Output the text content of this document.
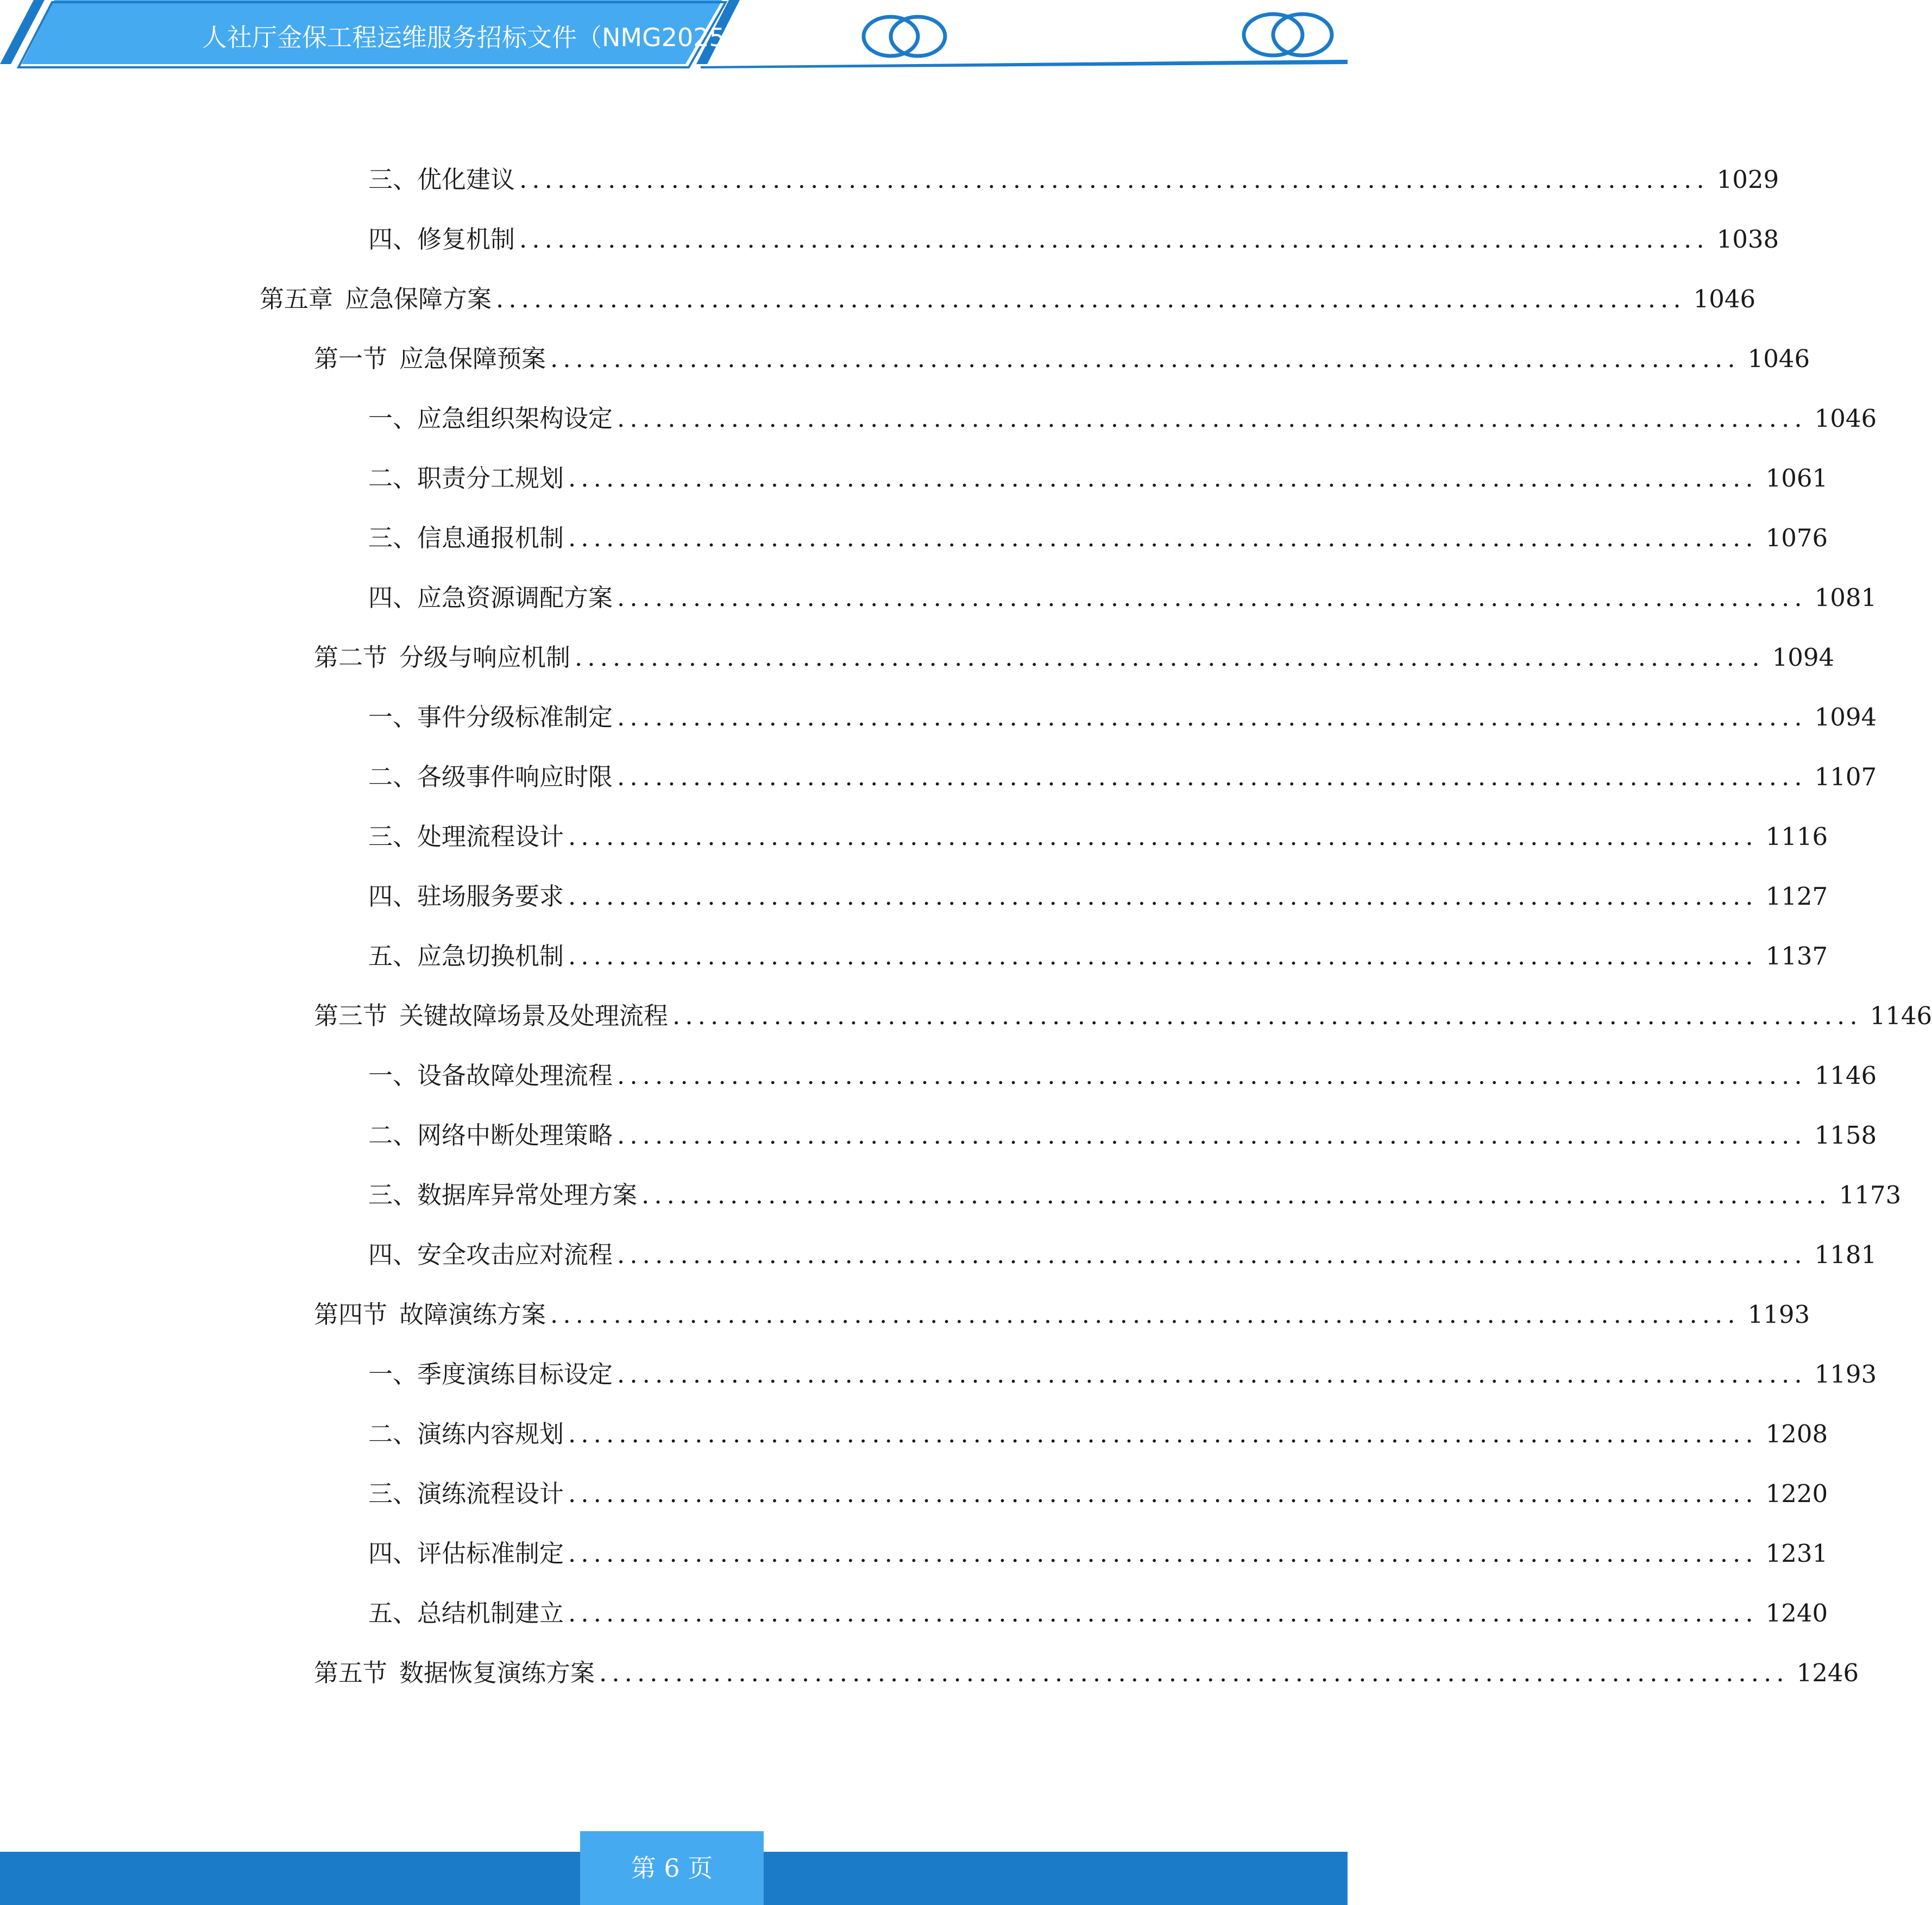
人社厅金保工程运维服务招标文件（NMG2025-
三、 优化建议 .............................................................................................. 1029
四、 修复机制 .............................................................................................. 1038
第五章 应急保障方案 .............................................................................................. 1046
第一节 应急保障预案 .............................................................................................. 1046
一、 应急组织架构设定 .............................................................................................. 1046
二、 职责分工规划 .............................................................................................. 1061
三、 信息通报机制 .............................................................................................. 1076
四、 应急资源调配方案 .............................................................................................. 1081
第二节 分级与响应机制 .............................................................................................. 1094
一、 事件分级标准制定 .............................................................................................. 1094
二、 各级事件响应时限 .............................................................................................. 1107
三、 处理流程设计 .............................................................................................. 1116
四、 驻场服务要求 .............................................................................................. 1127
五、 应急切换机制 .............................................................................................. 1137
第三节 关键故障场景及处理流程 .............................................................................................. 1146
一、 设备故障处理流程 .............................................................................................. 1146
二、 网络中断处理策略 .............................................................................................. 1158
三、 数据库异常处理方案 .............................................................................................. 1173
四、 安全攻击应对流程 .............................................................................................. 1181
第四节 故障演练方案 .............................................................................................. 1193
一、 季度演练目标设定 .............................................................................................. 1193
二、 演练内容规划 .............................................................................................. 1208
三、 演练流程设计 .............................................................................................. 1220
四、 评估标准制定 .............................................................................................. 1231
五、 总结机制建立 .............................................................................................. 1240
第五节 数据恢复演练方案 .............................................................................................. 1246
第 6 页
